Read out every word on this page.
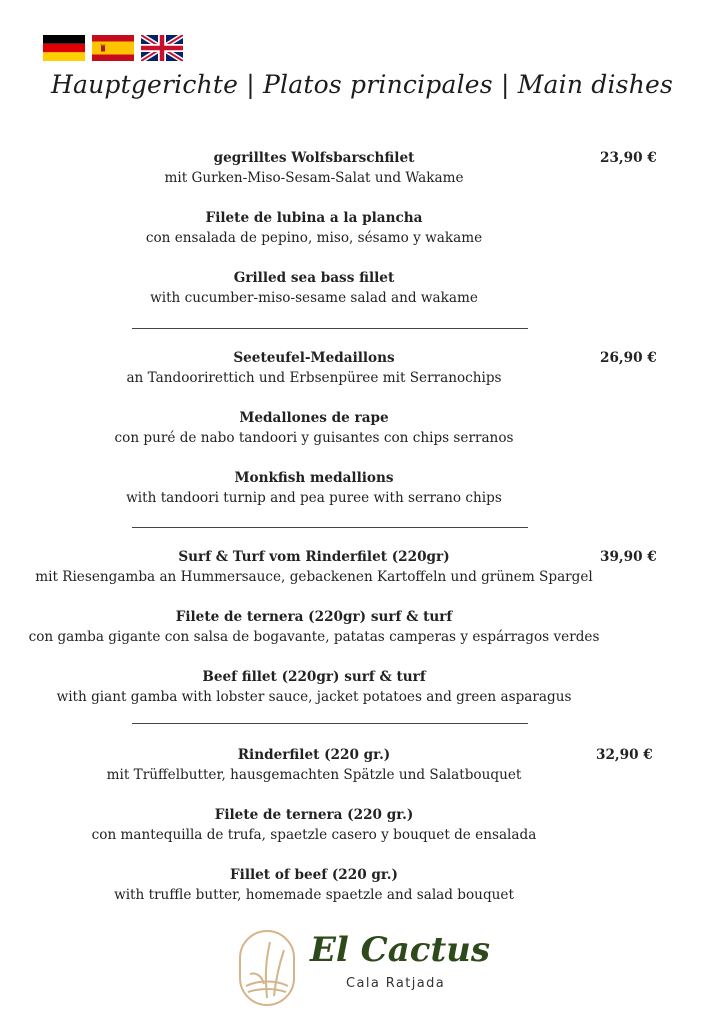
Hauptgerichte | Platos principales | Main dishes
gegrilltes Wolfsbarschfilet
mit Gurken-Miso-Sesam-Salat und Wakame
Filete de lubina a la plancha
con ensalada de pepino, miso, sésamo y wakame
Grilled sea bass fillet
with cucumber-miso-sesame salad and wakame
23,90 €
Seeteufel-Medaillons
an Tandoorirettich und Erbsenpüree mit Serranochips
Medallones de rape
con puré de nabo tandoori y guisantes con chips serranos
Monkfish medallions
with tandoori turnip and pea puree with serrano chips
26,90 €
Surf & Turf vom Rinderfilet (220gr)
mit Riesengamba an Hummersauce, gebackenen Kartoffeln und grünem Spargel
Filete de ternera (220gr) surf & turf
con gamba gigante con salsa de bogavante, patatas camperas y espárragos verdes
Beef fillet (220gr) surf & turf
with giant gamba with lobster sauce, jacket potatoes and green asparagus
39,90 €
Rinderfilet (220 gr.)
mit Trüffelbutter, hausgemachten Spätzle und Salatbouquet
Filete de ternera (220 gr.)
con mantequilla de trufa, spaetzle casero y bouquet de ensalada
Fillet of beef (220 gr.)
with truffle butter, homemade spaetzle and salad bouquet
32,90 €
El Cactus
Cala Ratjada
